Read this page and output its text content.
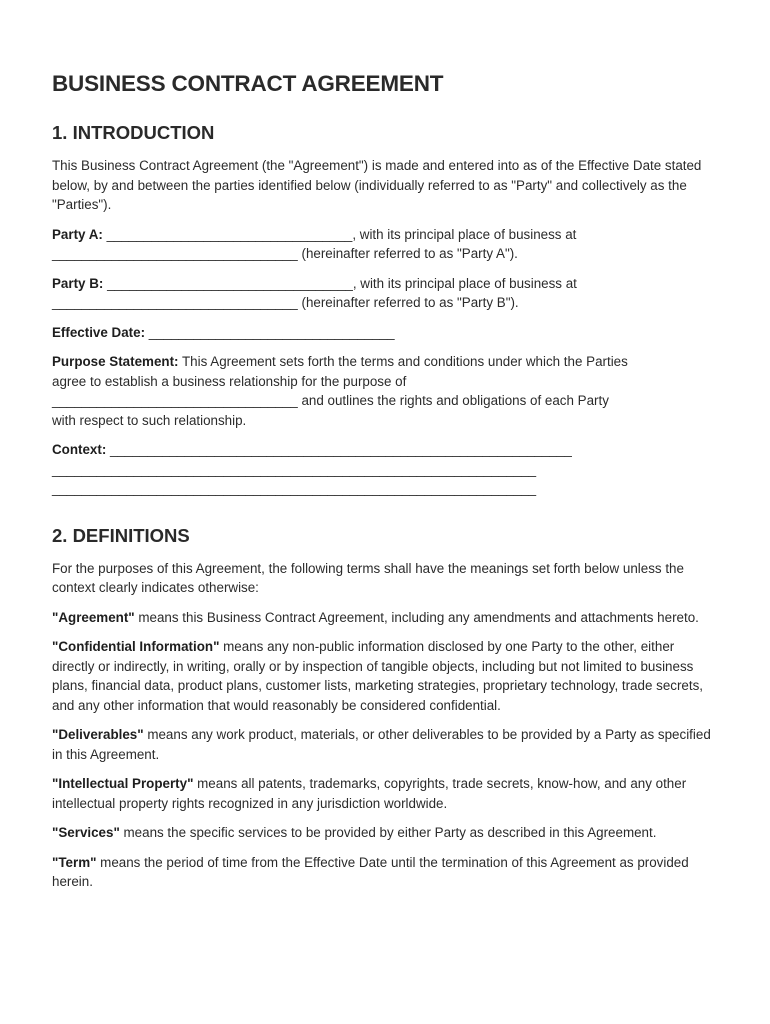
BUSINESS CONTRACT AGREEMENT
1. INTRODUCTION

This Business Contract Agreement (the "Agreement") is made and entered into as of the Effective Date stated below, by and between the parties identified below (individually referred to as "Party" and collectively as the "Parties").

Party A: _________________________________, with its principal place of business at
_________________________________ (hereinafter referred to as "Party A").

Party B: _________________________________, with its principal place of business at
_________________________________ (hereinafter referred to as "Party B").

Effective Date: _________________________________

Purpose Statement: This Agreement sets forth the terms and conditions under which the Parties
agree to establish a business relationship for the purpose of
_________________________________ and outlines the rights and obligations of each Party
with respect to such relationship.

Context: ______________________________________________________________
_________________________________________________________________
_________________________________________________________________

2. DEFINITIONS

For the purposes of this Agreement, the following terms shall have the meanings set forth below unless the context clearly indicates otherwise:

"Agreement" means this Business Contract Agreement, including any amendments and attachments hereto.

"Confidential Information" means any non-public information disclosed by one Party to the other, either directly or indirectly, in writing, orally or by inspection of tangible objects, including but not limited to business plans, financial data, product plans, customer lists, marketing strategies, proprietary technology, trade secrets, and any other information that would reasonably be considered confidential.

"Deliverables" means any work product, materials, or other deliverables to be provided by a Party as specified in this Agreement.

"Intellectual Property" means all patents, trademarks, copyrights, trade secrets, know-how, and any other intellectual property rights recognized in any jurisdiction worldwide.

"Services" means the specific services to be provided by either Party as described in this Agreement.

"Term" means the period of time from the Effective Date until the termination of this Agreement as provided herein.
